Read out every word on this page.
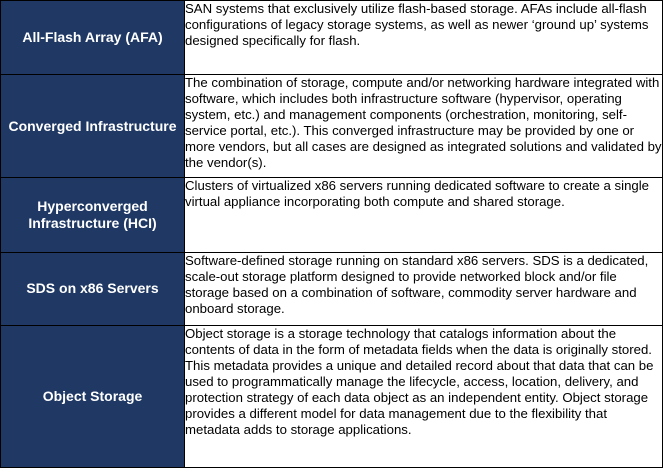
All-Flash Array (AFA)	SAN systems that exclusively utilize flash-based storage. AFAs include all-flash configurations of legacy storage systems, as well as newer ‘ground up’ systems designed specifically for flash.
Converged Infrastructure	The combination of storage, compute and/or networking hardware integrated with software, which includes both infrastructure software (hypervisor, operating system, etc.) and management components (orchestration, monitoring, self-service portal, etc.). This converged infrastructure may be provided by one or more vendors, but all cases are designed as integrated solutions and validated by the vendor(s).
Hyperconverged Infrastructure (HCI)	Clusters of virtualized x86 servers running dedicated software to create a single virtual appliance incorporating both compute and shared storage.
SDS on x86 Servers	Software-defined storage running on standard x86 servers. SDS is a dedicated, scale-out storage platform designed to provide networked block and/or file storage based on a combination of software, commodity server hardware and onboard storage.
Object Storage	Object storage is a storage technology that catalogs information about the contents of data in the form of metadata fields when the data is originally stored. This metadata provides a unique and detailed record about that data that can be used to programmatically manage the lifecycle, access, location, delivery, and protection strategy of each data object as an independent entity. Object storage provides a different model for data management due to the flexibility that metadata adds to storage applications.
